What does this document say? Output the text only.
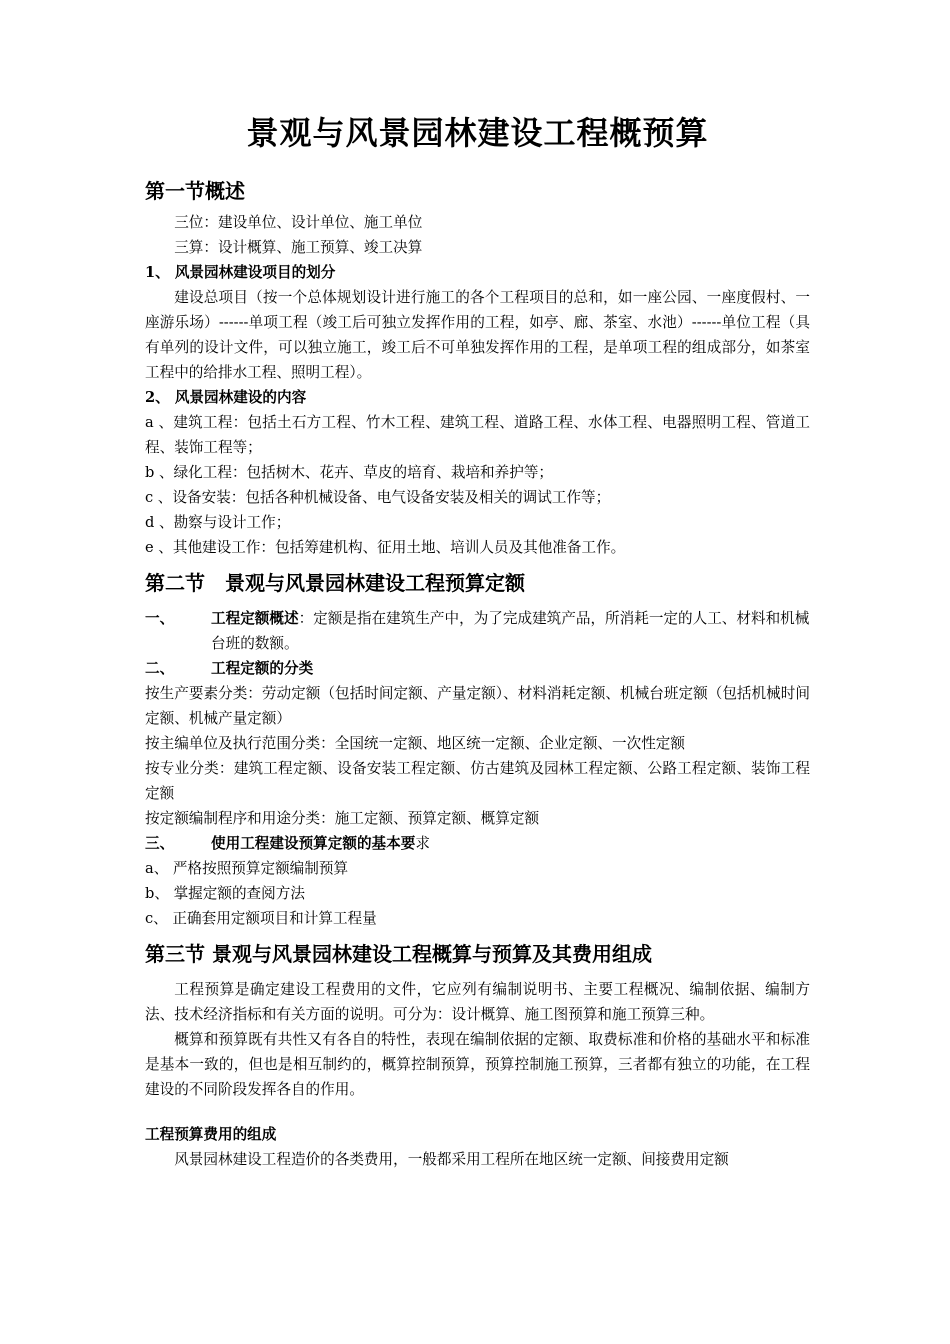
景观与风景园林建设工程概预算
第一节概述
三位：建设单位、设计单位、施工单位
三算：设计概算、施工预算、竣工决算
1、 风景园林建设项目的划分
建设总项目（按一个总体规划设计进行施工的各个工程项目的总和，如一座公园、一座度假村、一座游乐场）------单项工程（竣工后可独立发挥作用的工程，如亭、廊、茶室、水池）------单位工程（具有单列的设计文件，可以独立施工，竣工后不可单独发挥作用的工程，是单项工程的组成部分，如茶室工程中的给排水工程、照明工程）。
2、 风景园林建设的内容
a 、建筑工程：包括土石方工程、竹木工程、建筑工程、道路工程、水体工程、电器照明工程、管道工程、装饰工程等；
b 、绿化工程：包括树木、花卉、草皮的培育、栽培和养护等；
c 、设备安装：包括各种机械设备、电气设备安装及相关的调试工作等；
d 、勘察与设计工作；
e 、其他建设工作：包括筹建机构、征用土地、培训人员及其他准备工作。
第二节　景观与风景园林建设工程预算定额
一、	工程定额概述：定额是指在建筑生产中，为了完成建筑产品，所消耗一定的人工、材料和机械台班的数额。
二、	工程定额的分类
按生产要素分类：劳动定额（包括时间定额、产量定额）、材料消耗定额、机械台班定额（包括机械时间定额、机械产量定额）
按主编单位及执行范围分类：全国统一定额、地区统一定额、企业定额、一次性定额
按专业分类：建筑工程定额、设备安装工程定额、仿古建筑及园林工程定额、公路工程定额、装饰工程定额
按定额编制程序和用途分类：施工定额、预算定额、概算定额
三、	使用工程建设预算定额的基本要求
a、 严格按照预算定额编制预算
b、 掌握定额的查阅方法
c、 正确套用定额项目和计算工程量
第三节 景观与风景园林建设工程概算与预算及其费用组成
工程预算是确定建设工程费用的文件，它应列有编制说明书、主要工程概况、编制依据、编制方法、技术经济指标和有关方面的说明。可分为：设计概算、施工图预算和施工预算三种。
概算和预算既有共性又有各自的特性，表现在编制依据的定额、取费标准和价格的基础水平和标准是基本一致的，但也是相互制约的，概算控制预算，预算控制施工预算，三者都有独立的功能，在工程建设的不同阶段发挥各自的作用。
工程预算费用的组成
风景园林建设工程造价的各类费用，一般都采用工程所在地区统一定额、间接费用定额
